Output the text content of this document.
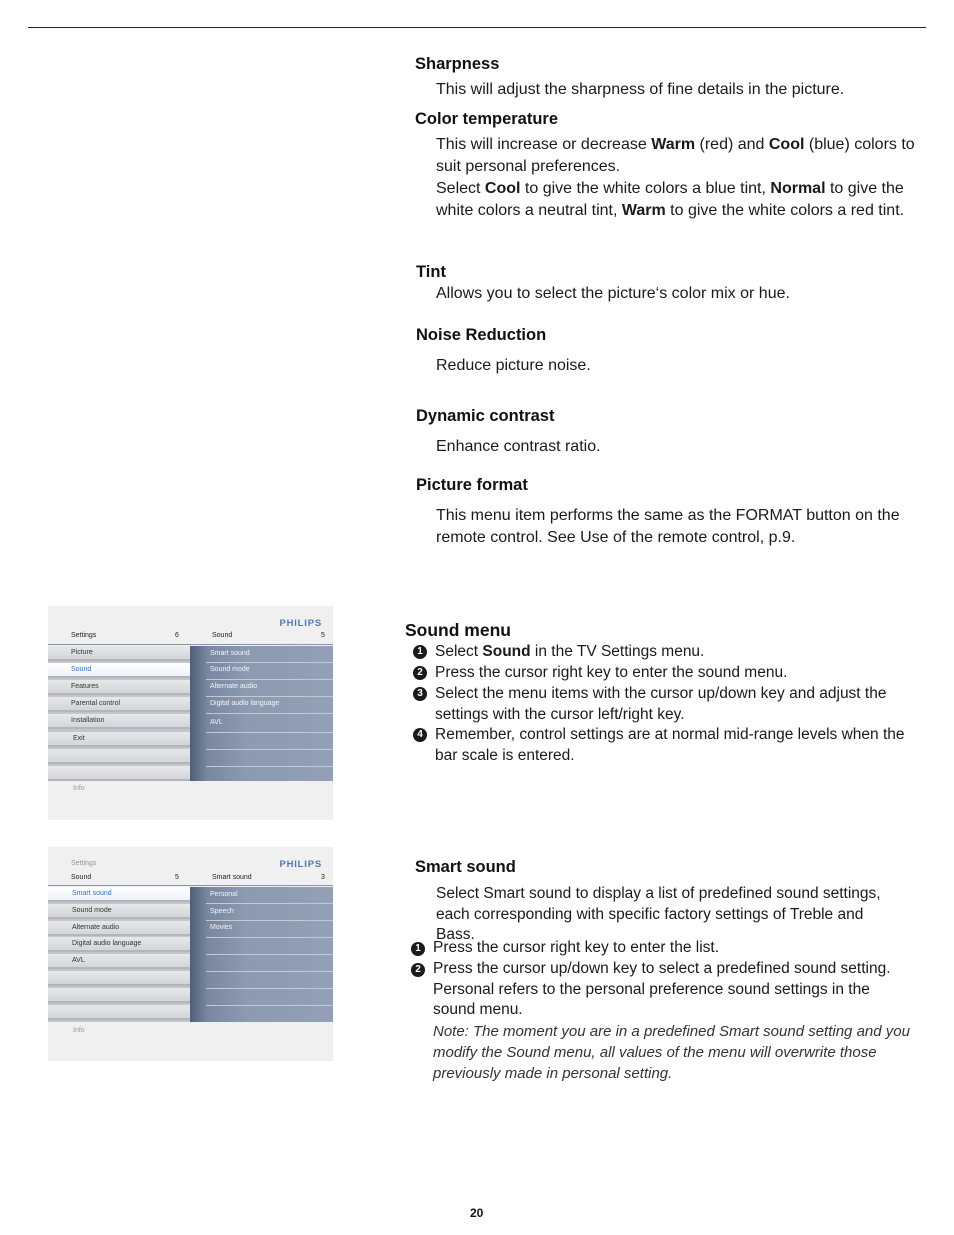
Sharpness
This will adjust the sharpness of fine details in the picture.
Color temperature
This will increase or decrease Warm (red) and Cool (blue) colors to suit personal preferences.
Select Cool to give the white colors a blue tint, Normal to give the white colors a neutral tint, Warm to give the white colors a red tint.
Tint
Allows you to select the picture‘s color mix or hue.
Noise Reduction
Reduce picture noise.
Dynamic contrast
Enhance contrast ratio.
Picture format
This menu item performs the same as the FORMAT button on the remote control. See Use of the remote control, p.9.
PHILIPS
Settings	6	Sound	5
Picture
Sound
Features
Parental control
Installation
Exit
Smart sound
Sound mode
Alternate audio
Digital audio language
AVL
Info
Sound menu
1 Select Sound in the TV Settings menu.
2 Press the cursor right key to enter the sound menu.
3 Select the menu items with the cursor up/down key and adjust the settings with the cursor left/right key.
4 Remember, control settings are at normal mid-range levels when the bar scale is entered.
Settings	PHILIPS
Sound	5	Smart sound	3
Smart sound
Sound mode
Alternate audio
Digital audio language
AVL
Personal
Speech
Movies
Info
Smart sound
Select Smart sound to display a list of predefined sound settings, each corresponding with specific factory settings of Treble and Bass.
1 Press the cursor right key to enter the list.
2 Press the cursor up/down key to select a predefined sound setting. Personal refers to the personal preference sound settings in the sound menu.
Note: The moment you are in a predefined Smart sound setting and you modify the Sound menu, all values of the menu will overwrite those previously made in personal setting.
20
